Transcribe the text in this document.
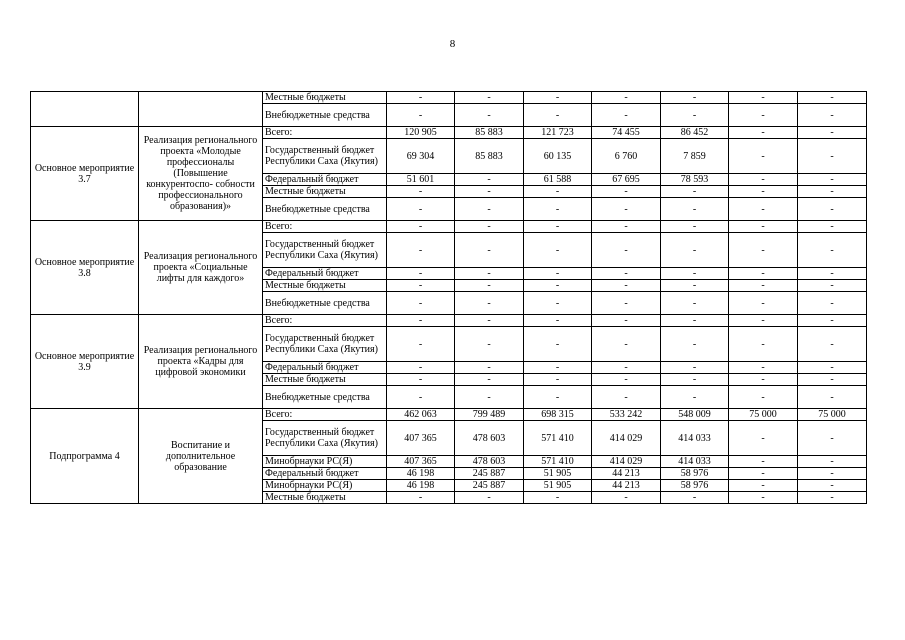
8
		Местные бюджеты	-	-	-	-	-	-	-
		Внебюджетные средства	-	-	-	-	-	-	-
Основное мероприятие 3.7	Реализация регионального проекта «Молодые профессионалы (Повышение конкурентоспо- собности профессионального образования)»	Всего:	120 905	85 883	121 723	74 455	86 452	-	-
		Государственный бюджет Республики Саха (Якутия)	69 304	85 883	60 135	6 760	7 859	-	-
		Федеральный бюджет	51 601	-	61 588	67 695	78 593	-	-
		Местные бюджеты	-	-	-	-	-	-	-
		Внебюджетные средства	-	-	-	-	-	-	-
Основное мероприятие 3.8	Реализация регионального проекта «Социальные лифты для каждого»	Всего:	-	-	-	-	-	-	-
		Государственный бюджет Республики Саха (Якутия)	-	-	-	-	-	-	-
		Федеральный бюджет	-	-	-	-	-	-	-
		Местные бюджеты	-	-	-	-	-	-	-
		Внебюджетные средства	-	-	-	-	-	-	-
Основное мероприятие 3.9	Реализация регионального проекта «Кадры для цифровой экономики	Всего:	-	-	-	-	-	-	-
		Государственный бюджет Республики Саха (Якутия)	-	-	-	-	-	-	-
		Федеральный бюджет	-	-	-	-	-	-	-
		Местные бюджеты	-	-	-	-	-	-	-
		Внебюджетные средства	-	-	-	-	-	-	-
Подпрограмма 4	Воспитание и дополнительное образование	Всего:	462 063	799 489	698 315	533 242	548 009	75 000	75 000
		Государственный бюджет Республики Саха (Якутия)	407 365	478 603	571 410	414 029	414 033	-	-
		Минобрнауки РС(Я)	407 365	478 603	571 410	414 029	414 033	-	-
		Федеральный бюджет	46 198	245 887	51 905	44 213	58 976	-	-
		Минобрнауки РС(Я)	46 198	245 887	51 905	44 213	58 976	-	-
		Местные бюджеты	-	-	-	-	-	-	-
